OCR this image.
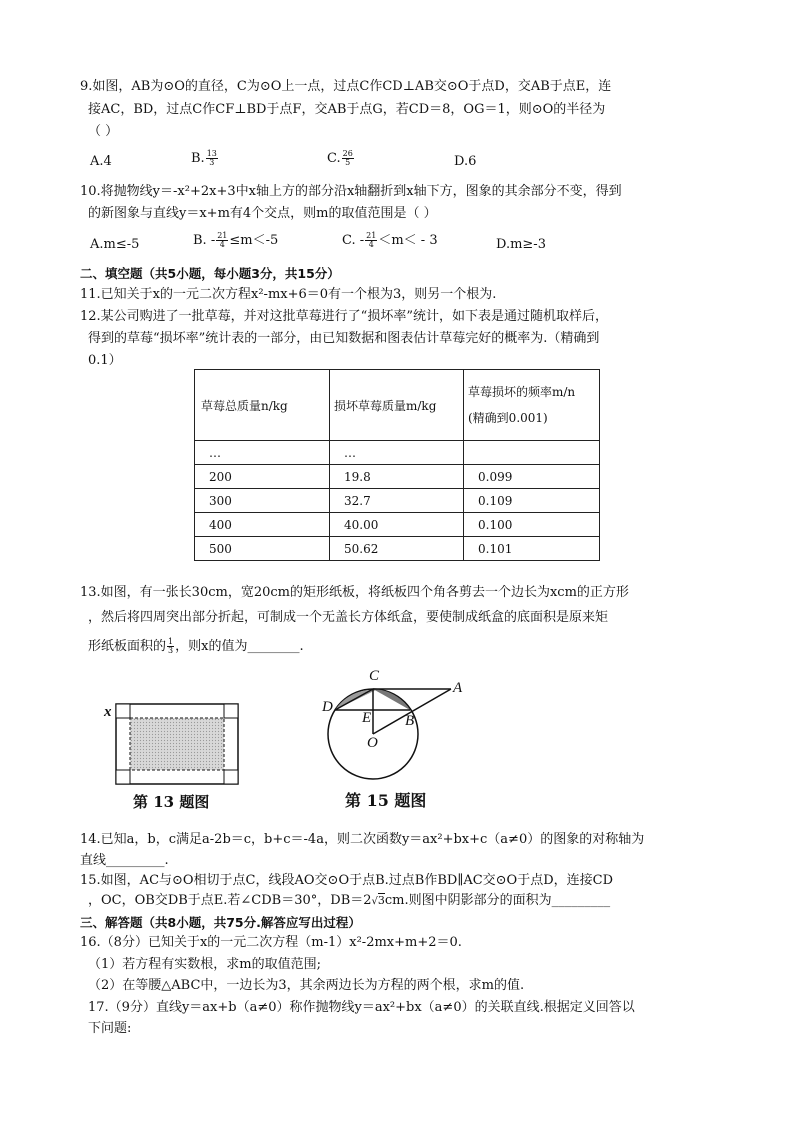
9.如图，AB为⊙O的直径，C为⊙O上一点，过点C作CD⊥AB交⊙O于点D，交AB于点E，连
接AC，BD，过点C作CF⊥BD于点F，交AB于点G，若CD＝8，OG＝1，则⊙O的半径为
（ ）
A.4	B. $\frac{13}{3}$	C. $\frac{26}{5}$	D.6
10.将抛物线y＝-x²+2x+3中x轴上方的部分沿x轴翻折到x轴下方，图象的其余部分不变，得到
的新图象与直线y＝x+m有4个交点，则m的取值范围是（ ）
A.m≤-5	B. - $\frac{21}{4} \le m<-5$	C. - $\frac{21}{4} <m< - 3$	D.m≥-3
二、填空题（共5小题，每小题3分，共15分）
11.已知关于x的一元二次方程x²-mx+6＝0有一个根为3，则另一个根为.
12.某公司购进了一批草莓，并对这批草莓进行了“损坏率”统计，如下表是通过随机取样后，
得到的草莓“损坏率”统计表的一部分，由已知数据和图表估计草莓完好的概率为.（精确到
0.1）
草莓总质量n/kg	损坏草莓质量m/kg	草莓损坏的频率m/n
(精确到0.001)

…	…	
200	19.8	0.099
300	32.7	0.109
400	40.00	0.100
500	50.62	0.101
13.如图，有一张长30cm，宽20cm的矩形纸板，将纸板四个角各剪去一个边长为xcm的正方形
，然后将四周突出部分折起，可制成一个无盖长方体纸盒，要使制成纸盒的底面积是原来矩
形纸板面积的 $\frac{1}{3}$ ，则x的值为________.
x
第 13 题图
C
A
D
E B
O
第 15 题图
14.已知a，b，c满足a-2b＝c，b+c＝-4a，则二次函数y＝ax²+bx+c（a≠0）的图象的对称轴为
直线_________.
15.如图，AC与⊙O相切于点C，线段AO交⊙O于点B.过点B作BD∥AC交⊙O于点D，连接CD
，OC，OB交DB于点E.若∠CDB＝30°，DB＝2√3cm.则图中阴影部分的面积为_________
三、解答题（共8小题，共75分.解答应写出过程）
16.（8分）已知关于x的一元二次方程（m-1）x²-2mx+m+2＝0.
（1）若方程有实数根，求m的取值范围;
（2）在等腰△ABC中，一边长为3，其余两边长为方程的两个根，求m的值.
17.（9分）直线y＝ax+b（a≠0）称作抛物线y＝ax²+bx（a≠0）的关联直线.根据定义回答以
下问题:
